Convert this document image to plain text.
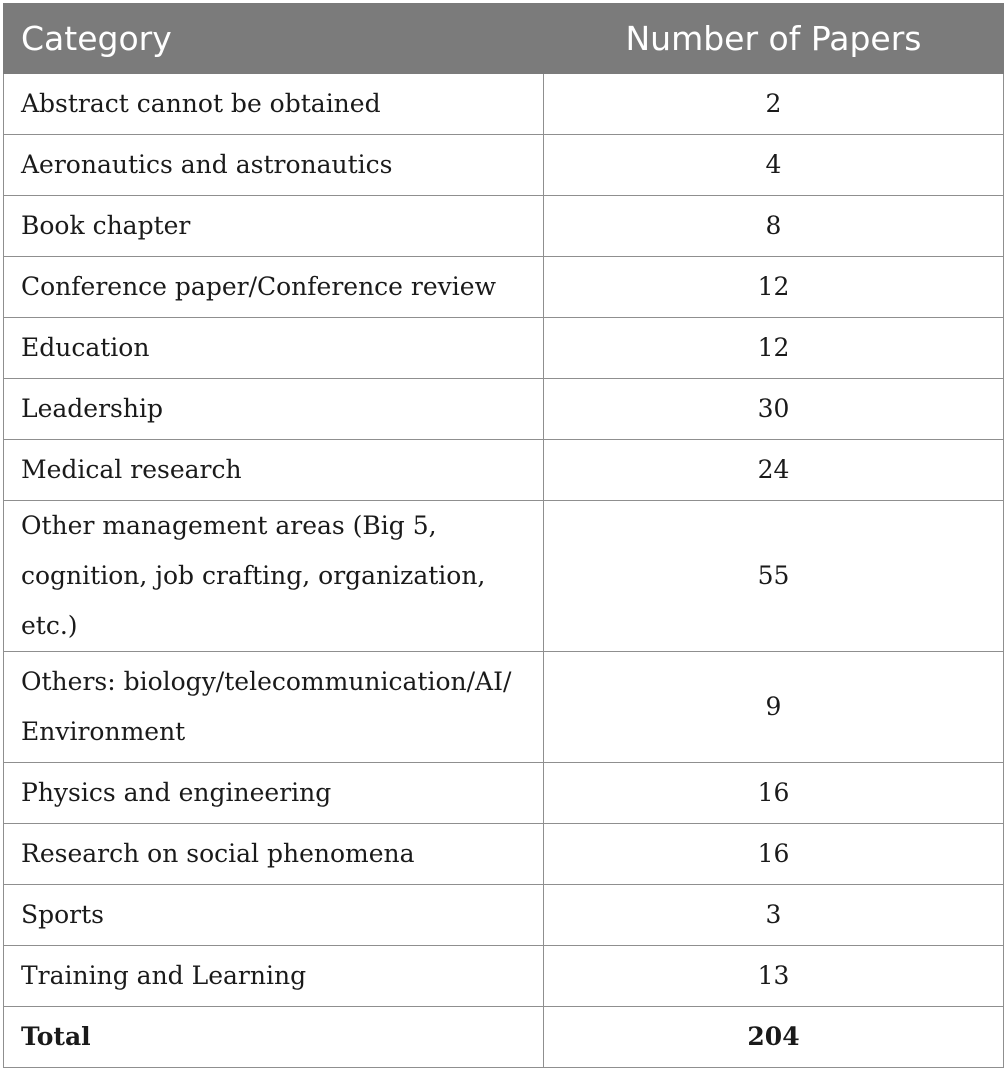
Category	Number of Papers
Abstract cannot be obtained	2
Aeronautics and astronautics	4
Book chapter	8
Conference paper/Conference review	12
Education	12
Leadership	30
Medical research	24
Other management areas (Big 5, cognition, job crafting, organization, etc.)	55
Others: biology/telecommunication/AI/ Environment	9
Physics and engineering	16
Research on social phenomena	16
Sports	3
Training and Learning	13
Total	204
